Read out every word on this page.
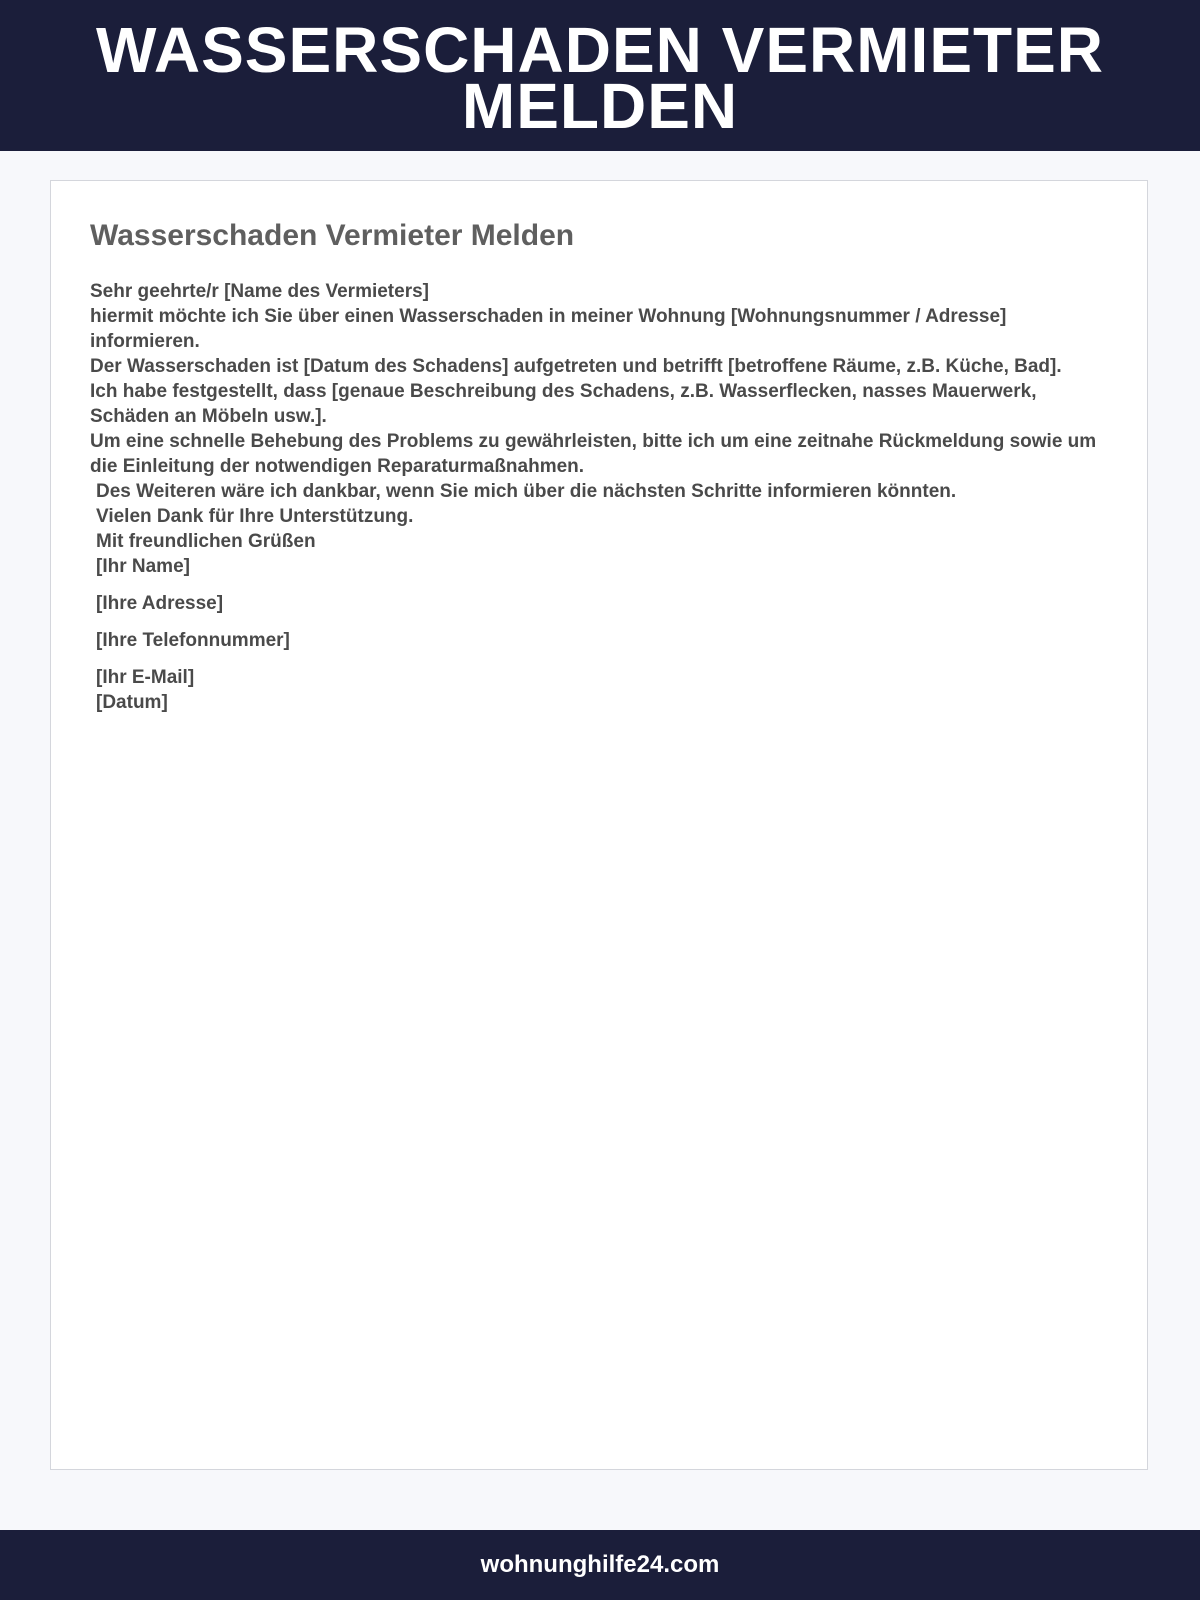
WASSERSCHADEN VERMIETER MELDEN
Wasserschaden Vermieter Melden
Sehr geehrte/r [Name des Vermieters]
hiermit möchte ich Sie über einen Wasserschaden in meiner Wohnung [Wohnungsnummer / Adresse] informieren.
Der Wasserschaden ist [Datum des Schadens] aufgetreten und betrifft [betroffene Räume, z.B. Küche, Bad].
Ich habe festgestellt, dass [genaue Beschreibung des Schadens, z.B. Wasserflecken, nasses Mauerwerk, Schäden an Möbeln usw.].
Um eine schnelle Behebung des Problems zu gewährleisten, bitte ich um eine zeitnahe Rückmeldung sowie um die Einleitung der notwendigen Reparaturmaßnahmen.
Des Weiteren wäre ich dankbar, wenn Sie mich über die nächsten Schritte informieren könnten.
Vielen Dank für Ihre Unterstützung.
Mit freundlichen Grüßen
[Ihr Name]
[Ihre Adresse]
[Ihre Telefonnummer]
[Ihr E-Mail]
[Datum]
wohnunghilfe24.com
